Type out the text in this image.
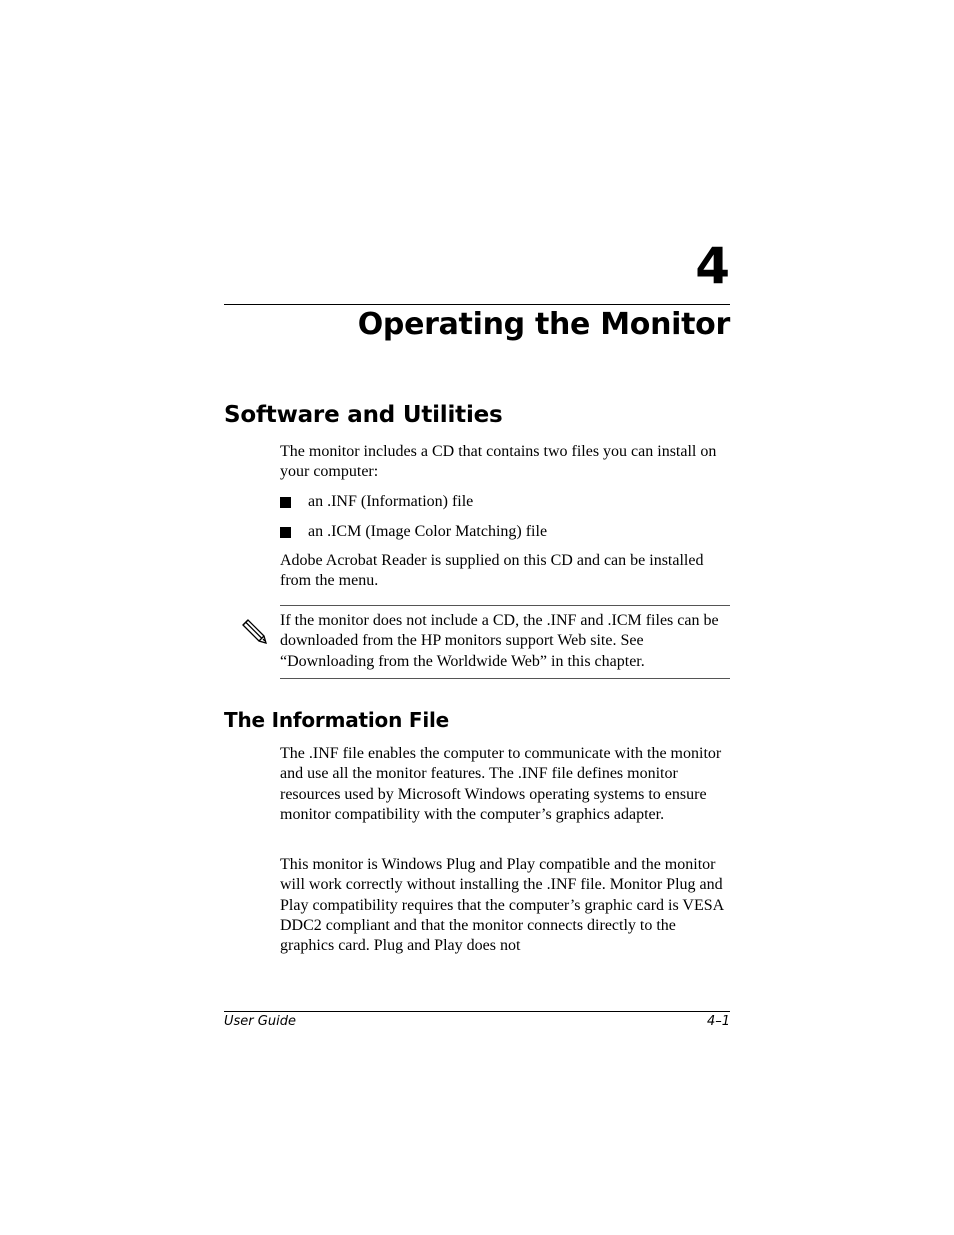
4
Operating the Monitor
Software and Utilities
The monitor includes a CD that contains two files you can install on your computer:
an .INF (Information) file
an .ICM (Image Color Matching) file
Adobe Acrobat Reader is supplied on this CD and can be installed from the menu.
If the monitor does not include a CD, the .INF and .ICM files can be downloaded from the HP monitors support Web site. See “Downloading from the Worldwide Web” in this chapter.
The Information File
The .INF file enables the computer to communicate with the monitor and use all the monitor features. The .INF file defines monitor resources used by Microsoft Windows operating systems to ensure monitor compatibility with the computer’s graphics adapter.
This monitor is Windows Plug and Play compatible and the monitor will work correctly without installing the .INF file. Monitor Plug and Play compatibility requires that the computer’s graphic card is VESA DDC2 compliant and that the monitor connects directly to the graphics card. Plug and Play does not
User Guide	4–1
